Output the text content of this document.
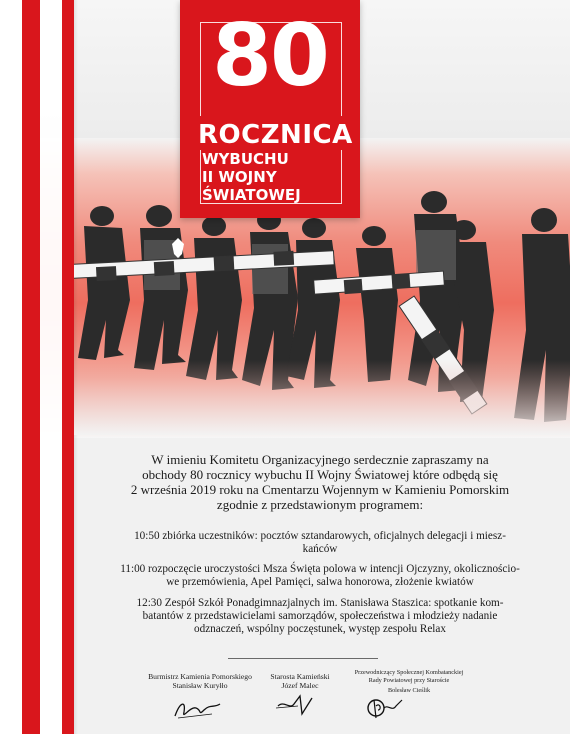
80
ROCZNICA
WYBUCHU
II WOJNY
ŚWIATOWEJ
W imieniu Komitetu Organizacyjnego serdecznie zapraszamy na
obchody 80 rocznicy wybuchu II Wojny Światowej które odbędą się
2 września 2019 roku na Cmentarzu Wojennym w Kamieniu Pomorskim
zgodnie z przedstawionym programem:
10:50 zbiórka uczestników: pocztów sztandarowych, oficjalnych delegacji i miesz-
kańców
11:00 rozpoczęcie uroczystości Msza Święta polowa w intencji Ojczyzny, okolicznościo-
we przemówienia, Apel Pamięci, salwa honorowa, złożenie kwiatów
12:30 Zespół Szkół Ponadgimnazjalnych im. Stanisława Staszica: spotkanie kom-
batantów z przedstawicielami samorządów, społeczeństwa i młodzieży nadanie
odznaczeń, wspólny poczęstunek, występ zespołu Relax
Burmistrz Kamienia Pomorskiego
Stanisław Kuryłło
Starosta Kamieński
Józef Malec
Przewodniczący Społecznej Kombatanckiej
Rady Powiatowej przy Staroście
Bolesław Cieślik
